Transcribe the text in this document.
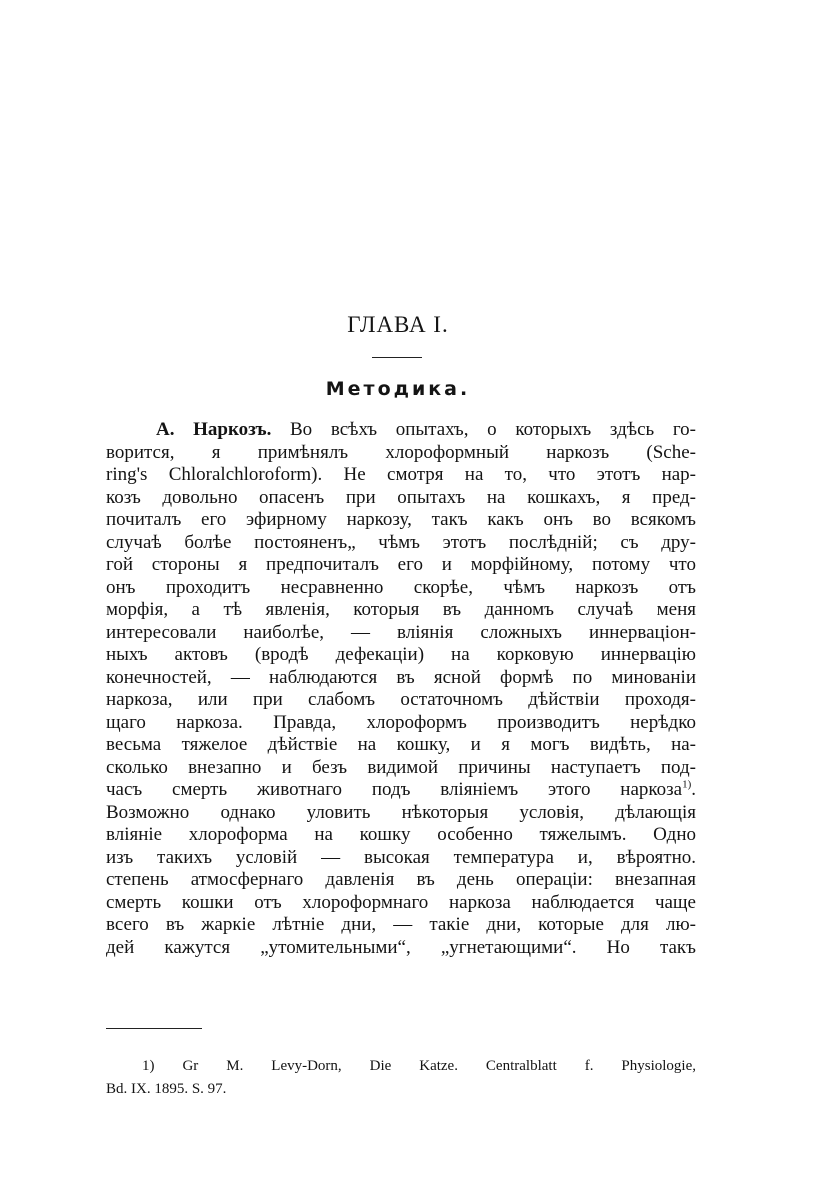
ГЛАВА I.
Методика.
А. Наркозъ. Во всѣхъ опытахъ, о которыхъ здѣсь го-
ворится, я примѣнялъ хлороформный наркозъ (Sche-
ring's Chloralchloroform). Не смотря на то, что этотъ нар-
козъ довольно опасенъ при опытахъ на кошкахъ, я пред-
почиталъ его эфирному наркозу, такъ какъ онъ во всякомъ
случаѣ болѣе постояненъ„ чѣмъ этотъ послѣднiй; съ дру-
гой стороны я предпочиталъ его и морфiйному, потому что
онъ проходитъ несравненно скорѣе, чѣмъ наркозъ отъ
морфiя, а тѣ явленiя, которыя въ данномъ случаѣ меня
интересовали наиболѣе, — влiянiя сложныхъ иннервацiон-
ныхъ актовъ (вродѣ дефекацiи) на корковую иннервацiю
конечностей, — наблюдаются въ ясной формѣ по минованiи
наркоза, или при слабомъ остаточномъ дѣйствiи проходя-
щаго наркоза. Правда, хлороформъ производитъ нерѣдко
весьма тяжелое дѣйствiе на кошку, и я могъ видѣть, на-
сколько внезапно и безъ видимой причины наступаетъ под-
часъ смерть животнаго подъ влiянiемъ этого наркоза$^{1)}$.
Возможно однако уловить нѣкоторыя условiя, дѣлающiя
влiянiе хлороформа на кошку особенно тяжелымъ. Одно
изъ такихъ условiй — высокая температура и, вѣроятно.
степень атмосфернаго давленiя въ день операцiи: внезапная
смерть кошки отъ хлороформнаго наркоза наблюдается чаще
всего въ жаркiе лѣтнiе дни, — такiе дни, которые для лю-
дей кажутся „утомительными“, „угнетающими“. Но такъ
1) Gr M. Levy-Dorn, Die Katze. Centralblatt f. Physiologie,
Bd. IX. 1895. S. 97.
